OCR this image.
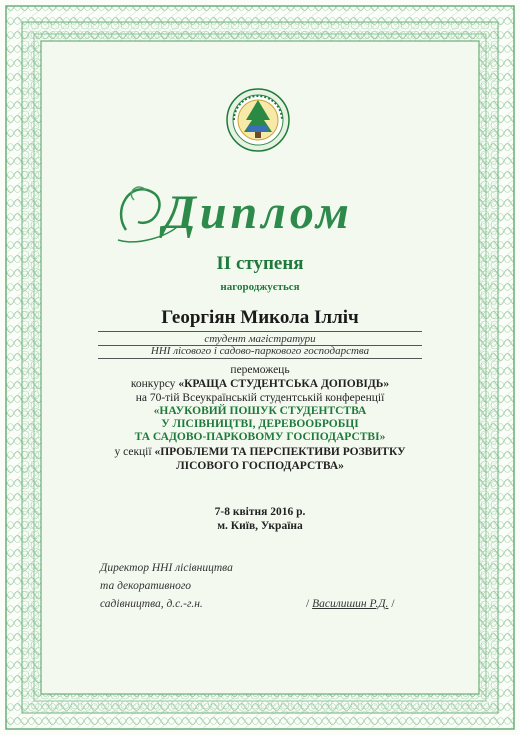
Диплом
ІІ ступеня
нагороджується
Георгіян Микола Ілліч
студент магістратури
ННІ лісового і садово-паркового господарства
переможець
конкурсу «КРАЩА СТУДЕНТСЬКА ДОПОВІДЬ»
на 70-тій Всеукраїнській студентській конференції
«НАУКОВИЙ ПОШУК СТУДЕНТСТВА
У ЛІСІВНИЦТВІ, ДЕРЕВООБРОБЦІ
ТА САДОВО-ПАРКОВОМУ ГОСПОДАРСТВІ»
у секції «ПРОБЛЕМИ ТА ПЕРСПЕКТИВИ РОЗВИТКУ
ЛІСОВОГО ГОСПОДАРСТВА»
7-8 квітня 2016 р.
м. Київ, Україна
Директор ННІ лісівництва
та декоративного
садівництва, д.с.-г.н.	/ Василишин Р.Д. /
